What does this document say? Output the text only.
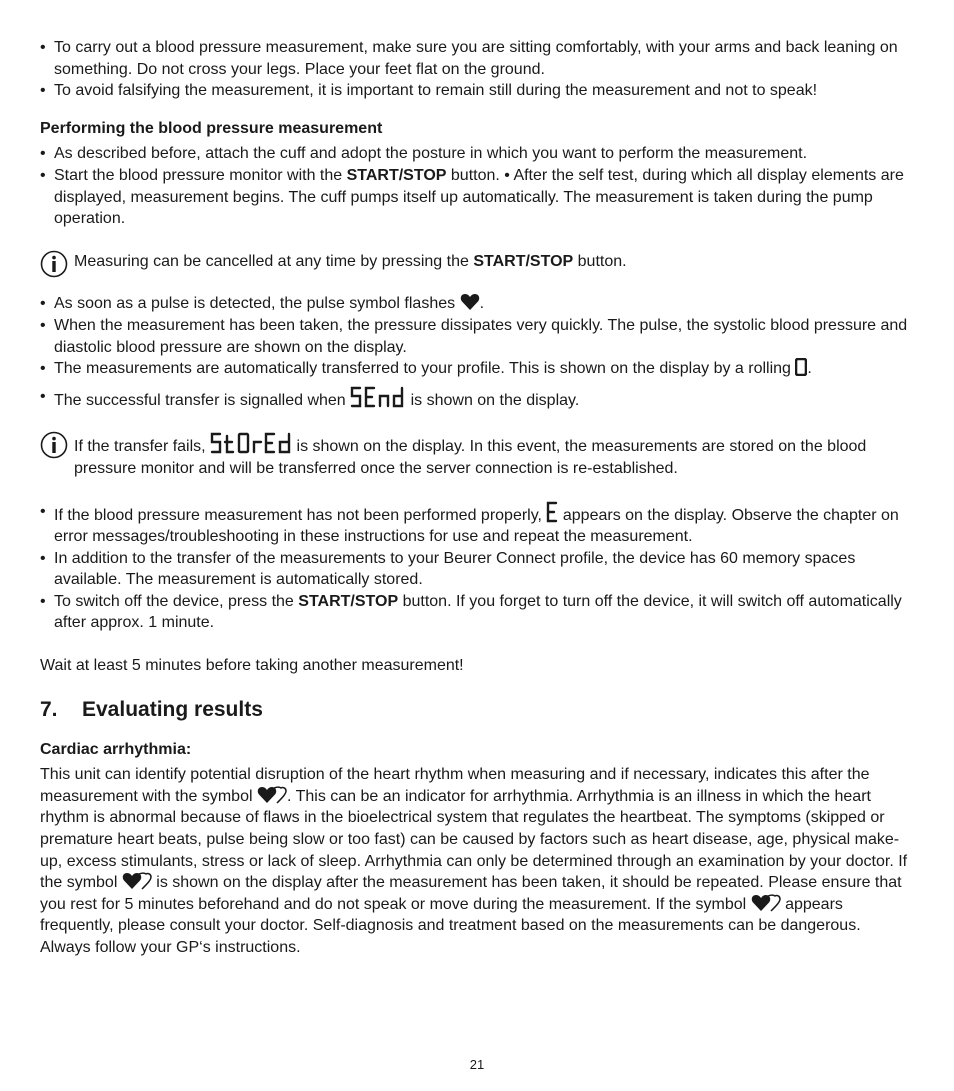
• To carry out a blood pressure measurement, make sure you are sitting comfortably, with your arms and back leaning on something. Do not cross your legs. Place your feet flat on the ground.
• To avoid falsifying the measurement, it is important to remain still during the measurement and not to speak!
Performing the blood pressure measurement
• As described before, attach the cuff and adopt the posture in which you want to perform the measurement.
• Start the blood pressure monitor with the START/STOP button. • After the self test, during which all display elements are displayed, measurement begins. The cuff pumps itself up automatically. The measurement is taken during the pump operation.
Measuring can be cancelled at any time by pressing the START/STOP button.
• As soon as a pulse is detected, the pulse symbol flashes .
• When the measurement has been taken, the pressure dissipates very quickly. The pulse, the systolic blood pressure and diastolic blood pressure are shown on the display.
• The measurements are automatically transferred to your profile. This is shown on the display by a rolling .
• The successful transfer is signalled when	is shown on the display.
If the transfer fails,	is shown on the display. In this event, the measurements are stored on the blood pressure monitor and will be transferred once the server connection is re-established.
• If the blood pressure measurement has not been performed properly,  appears on the display. Observe the chapter on error messages/troubleshooting in these instructions for use and repeat the measurement.
• In addition to the transfer of the measurements to your Beurer Connect profile, the device has 60 memory spaces available. The measurement is automatically stored.
• To switch off the device, press the START/STOP button. If you forget to turn off the device, it will switch off automatically after approx. 1 minute.
Wait at least 5 minutes before taking another measurement!
7. Evaluating results
Cardiac arrhythmia:
This unit can identify potential disruption of the heart rhythm when measuring and if necessary, indicates this after the measurement with the symbol . This can be an indicator for arrhythmia. Arrhythmia is an illness in which the heart rhythm is abnormal because of flaws in the bioelectrical system that regulates the heartbeat. The symptoms (skipped or premature heart beats, pulse being slow or too fast) can be caused by factors such as heart disease, age, physical make-up, excess stimulants, stress or lack of sleep. Arrhythmia can only be determined through an examination by your doctor. If the symbol  is shown on the display after the measurement has been taken, it should be repeated. Please ensure that you rest for 5 minutes beforehand and do not speak or move during the measurement. If the symbol  appears frequently, please consult your doctor. Self-diagnosis and treatment based on the measurements can be dangerous. Always follow your GP‘s instructions.
21
